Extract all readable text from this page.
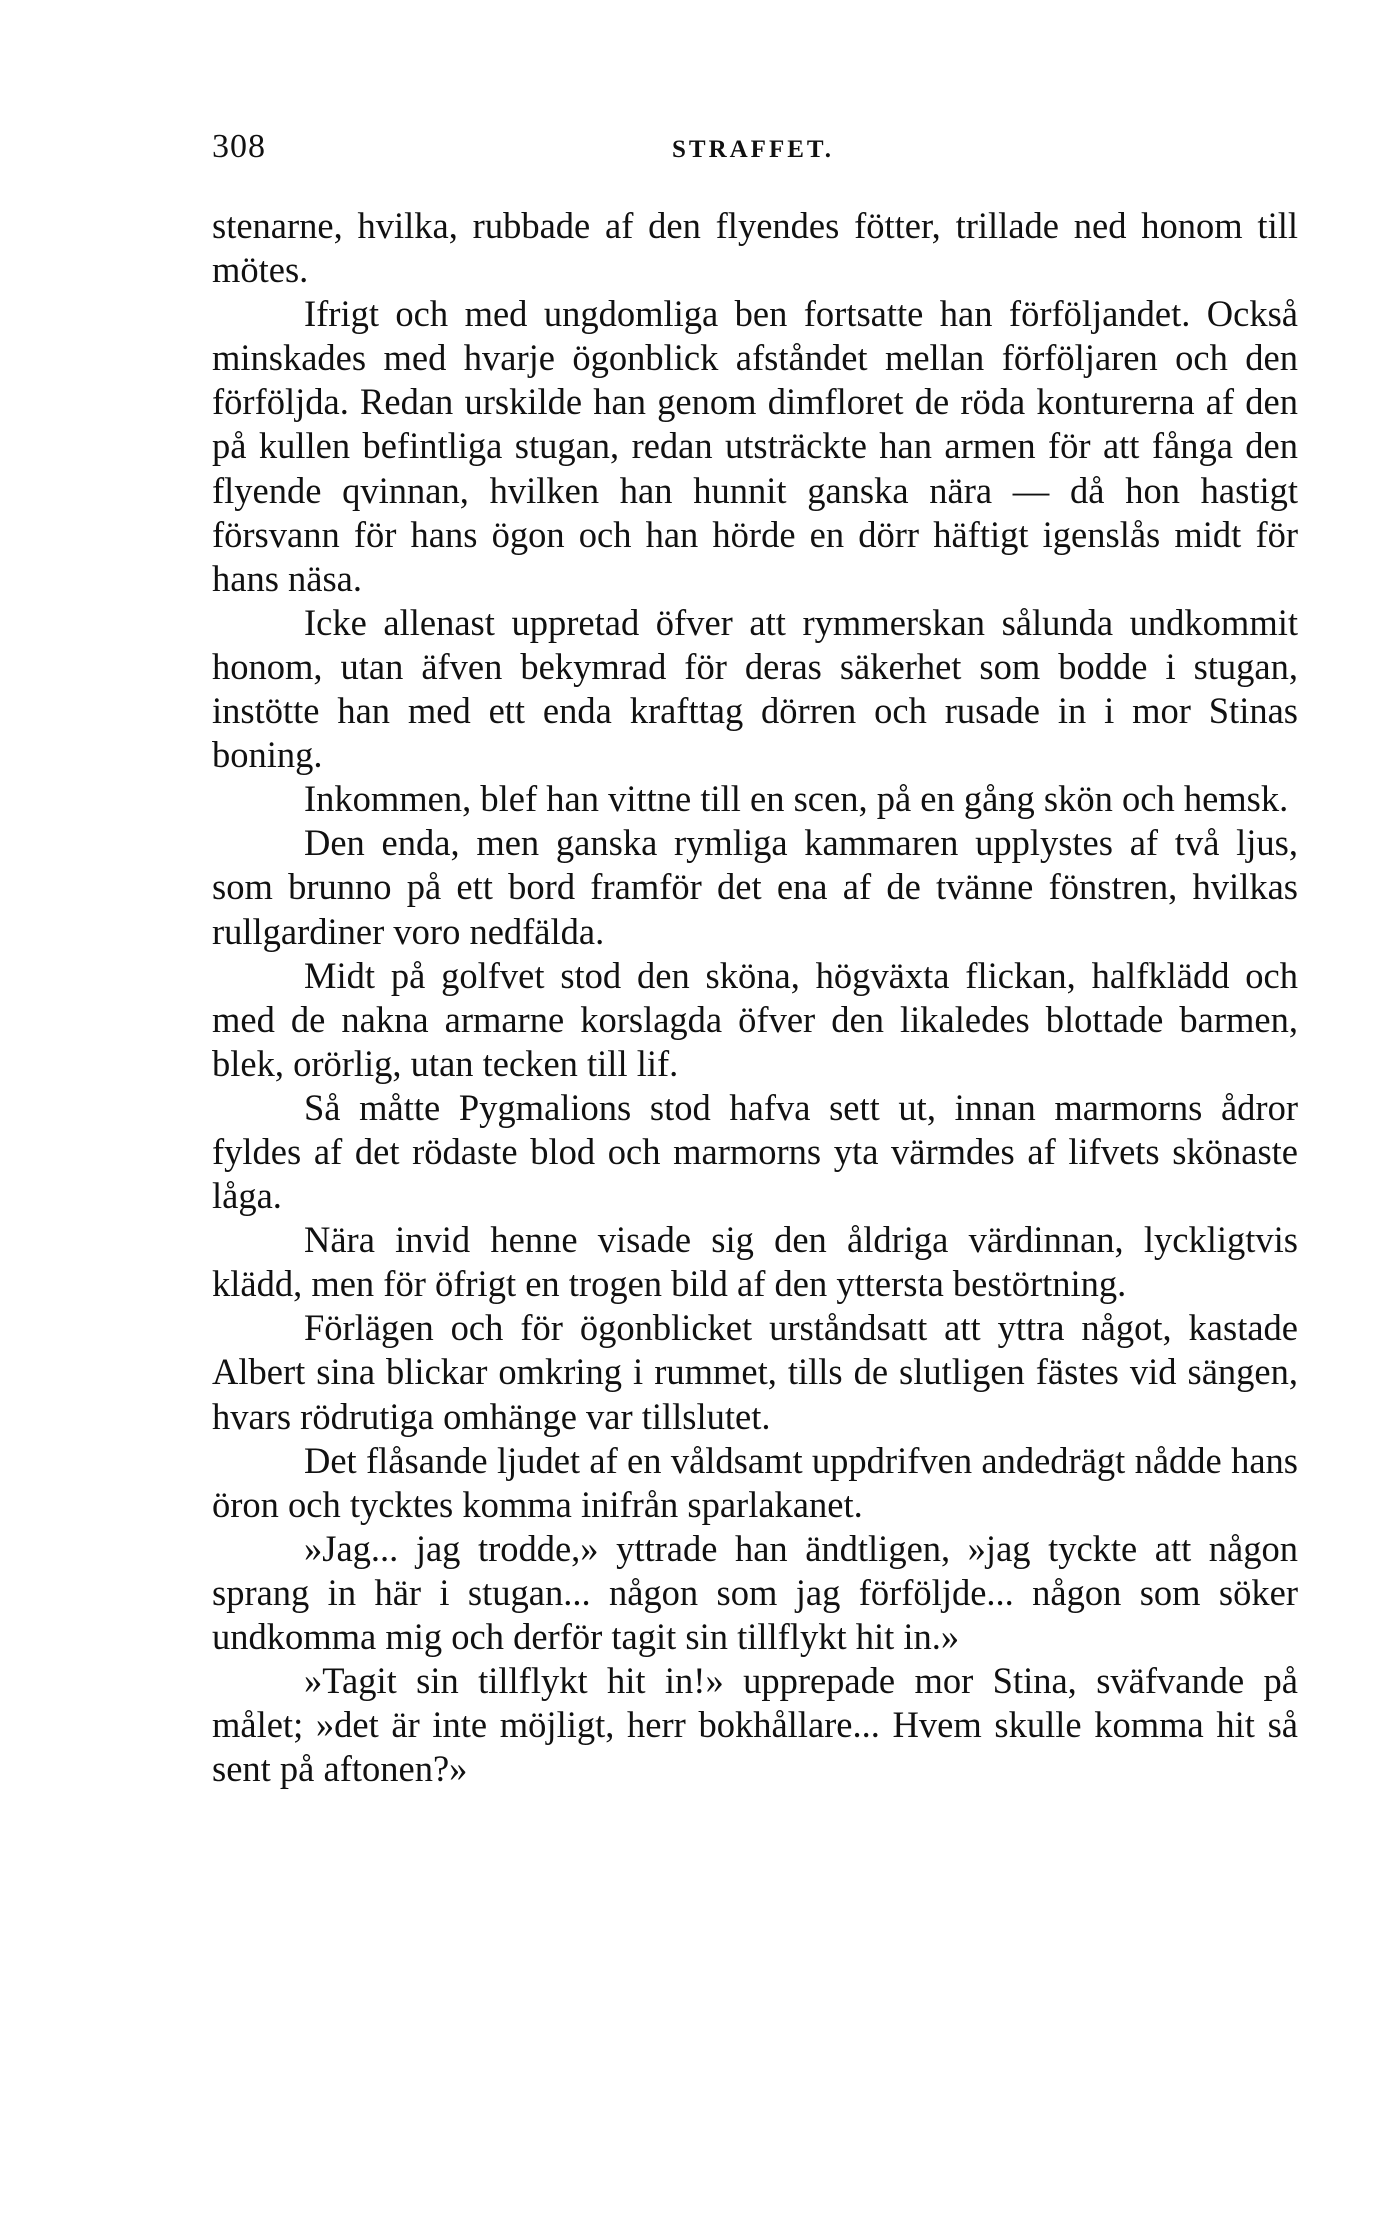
308	STRAFFET.

stenarne, hvilka, rubbade af den flyendes fötter, trillade ned honom till mötes.

Ifrigt och med ungdomliga ben fortsatte han förföljandet. Också minskades med hvarje ögonblick afståndet mellan förföljaren och den förföljda. Redan urskilde han genom dimfloret de röda konturerna af den på kullen befintliga stugan, redan utsträckte han armen för att fånga den flyende qvinnan, hvilken han hunnit ganska nära — då hon hastigt försvann för hans ögon och han hörde en dörr häftigt igenslås midt för hans näsa.

Icke allenast uppretad öfver att rymmerskan sålunda undkommit honom, utan äfven bekymrad för deras säkerhet som bodde i stugan, instötte han med ett enda krafttag dörren och rusade in i mor Stinas boning.

Inkommen, blef han vittne till en scen, på en gång skön och hemsk.

Den enda, men ganska rymliga kammaren upplystes af två ljus, som brunno på ett bord framför det ena af de tvänne fönstren, hvilkas rullgardiner voro nedfälda.

Midt på golfvet stod den sköna, högväxta flickan, halfklädd och med de nakna armarne korslagda öfver den likaledes blottade barmen, blek, orörlig, utan tecken till lif.

Så måtte Pygmalions stod hafva sett ut, innan marmorns ådror fyldes af det rödaste blod och marmorns yta värmdes af lifvets skönaste låga.

Nära invid henne visade sig den åldriga värdinnan, lyckligtvis klädd, men för öfrigt en trogen bild af den yttersta bestörtning.

Förlägen och för ögonblicket urståndsatt att yttra något, kastade Albert sina blickar omkring i rummet, tills de slutligen fästes vid sängen, hvars rödrutiga omhänge var tillslutet.

Det flåsande ljudet af en våldsamt uppdrifven andedrägt nådde hans öron och tycktes komma inifrån sparlakanet.

»Jag... jag trodde,» yttrade han ändtligen, »jag tyckte att någon sprang in här i stugan... någon som jag förföljde... någon som söker undkomma mig och derför tagit sin tillflykt hit in.»

»Tagit sin tillflykt hit in!» upprepade mor Stina, sväfvande på målet; »det är inte möjligt, herr bokhållare... Hvem skulle komma hit så sent på aftonen?»
